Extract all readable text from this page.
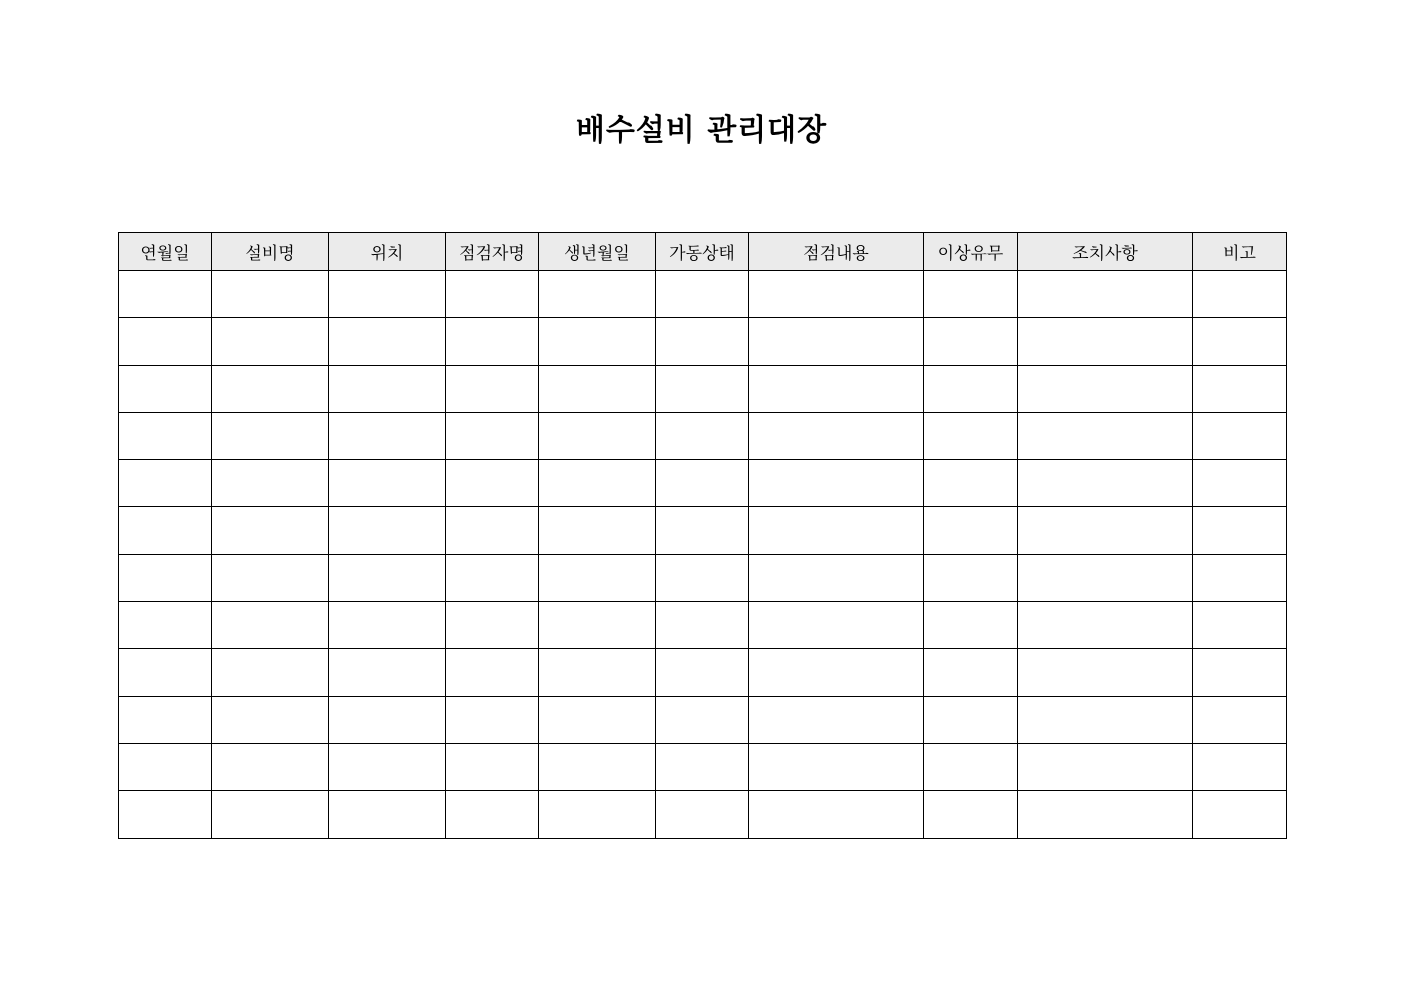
배수설비 관리대장
연월일	설비명	위치	점검자명	생년월일	가동상태	점검내용	이상유무	조치사항	비고
